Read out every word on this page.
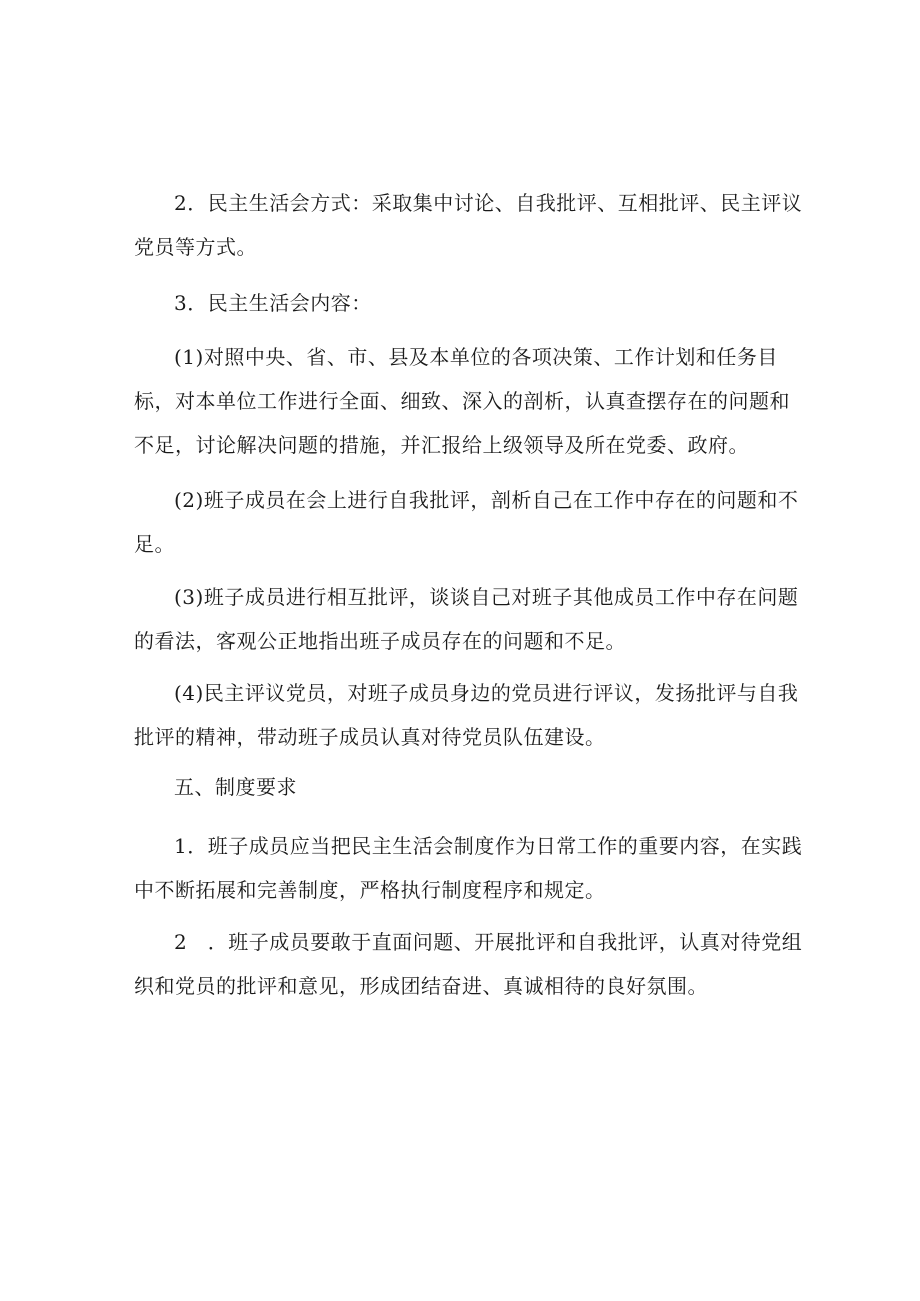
2．民主生活会方式：采取集中讨论、自我批评、互相批评、民主评议党员等方式。

3．民主生活会内容：

(1)对照中央、省、市、县及本单位的各项决策、工作计划和任务目标，对本单位工作进行全面、细致、深入的剖析，认真查摆存在的问题和不足，讨论解决问题的措施，并汇报给上级领导及所在党委、政府。

(2)班子成员在会上进行自我批评，剖析自己在工作中存在的问题和不足。

(3)班子成员进行相互批评，谈谈自己对班子其他成员工作中存在问题的看法，客观公正地指出班子成员存在的问题和不足。

(4)民主评议党员，对班子成员身边的党员进行评议，发扬批评与自我批评的精神，带动班子成员认真对待党员队伍建设。

五、制度要求

1．班子成员应当把民主生活会制度作为日常工作的重要内容，在实践中不断拓展和完善制度，严格执行制度程序和规定。

2　．班子成员要敢于直面问题、开展批评和自我批评，认真对待党组织和党员的批评和意见，形成团结奋进、真诚相待的良好氛围。
